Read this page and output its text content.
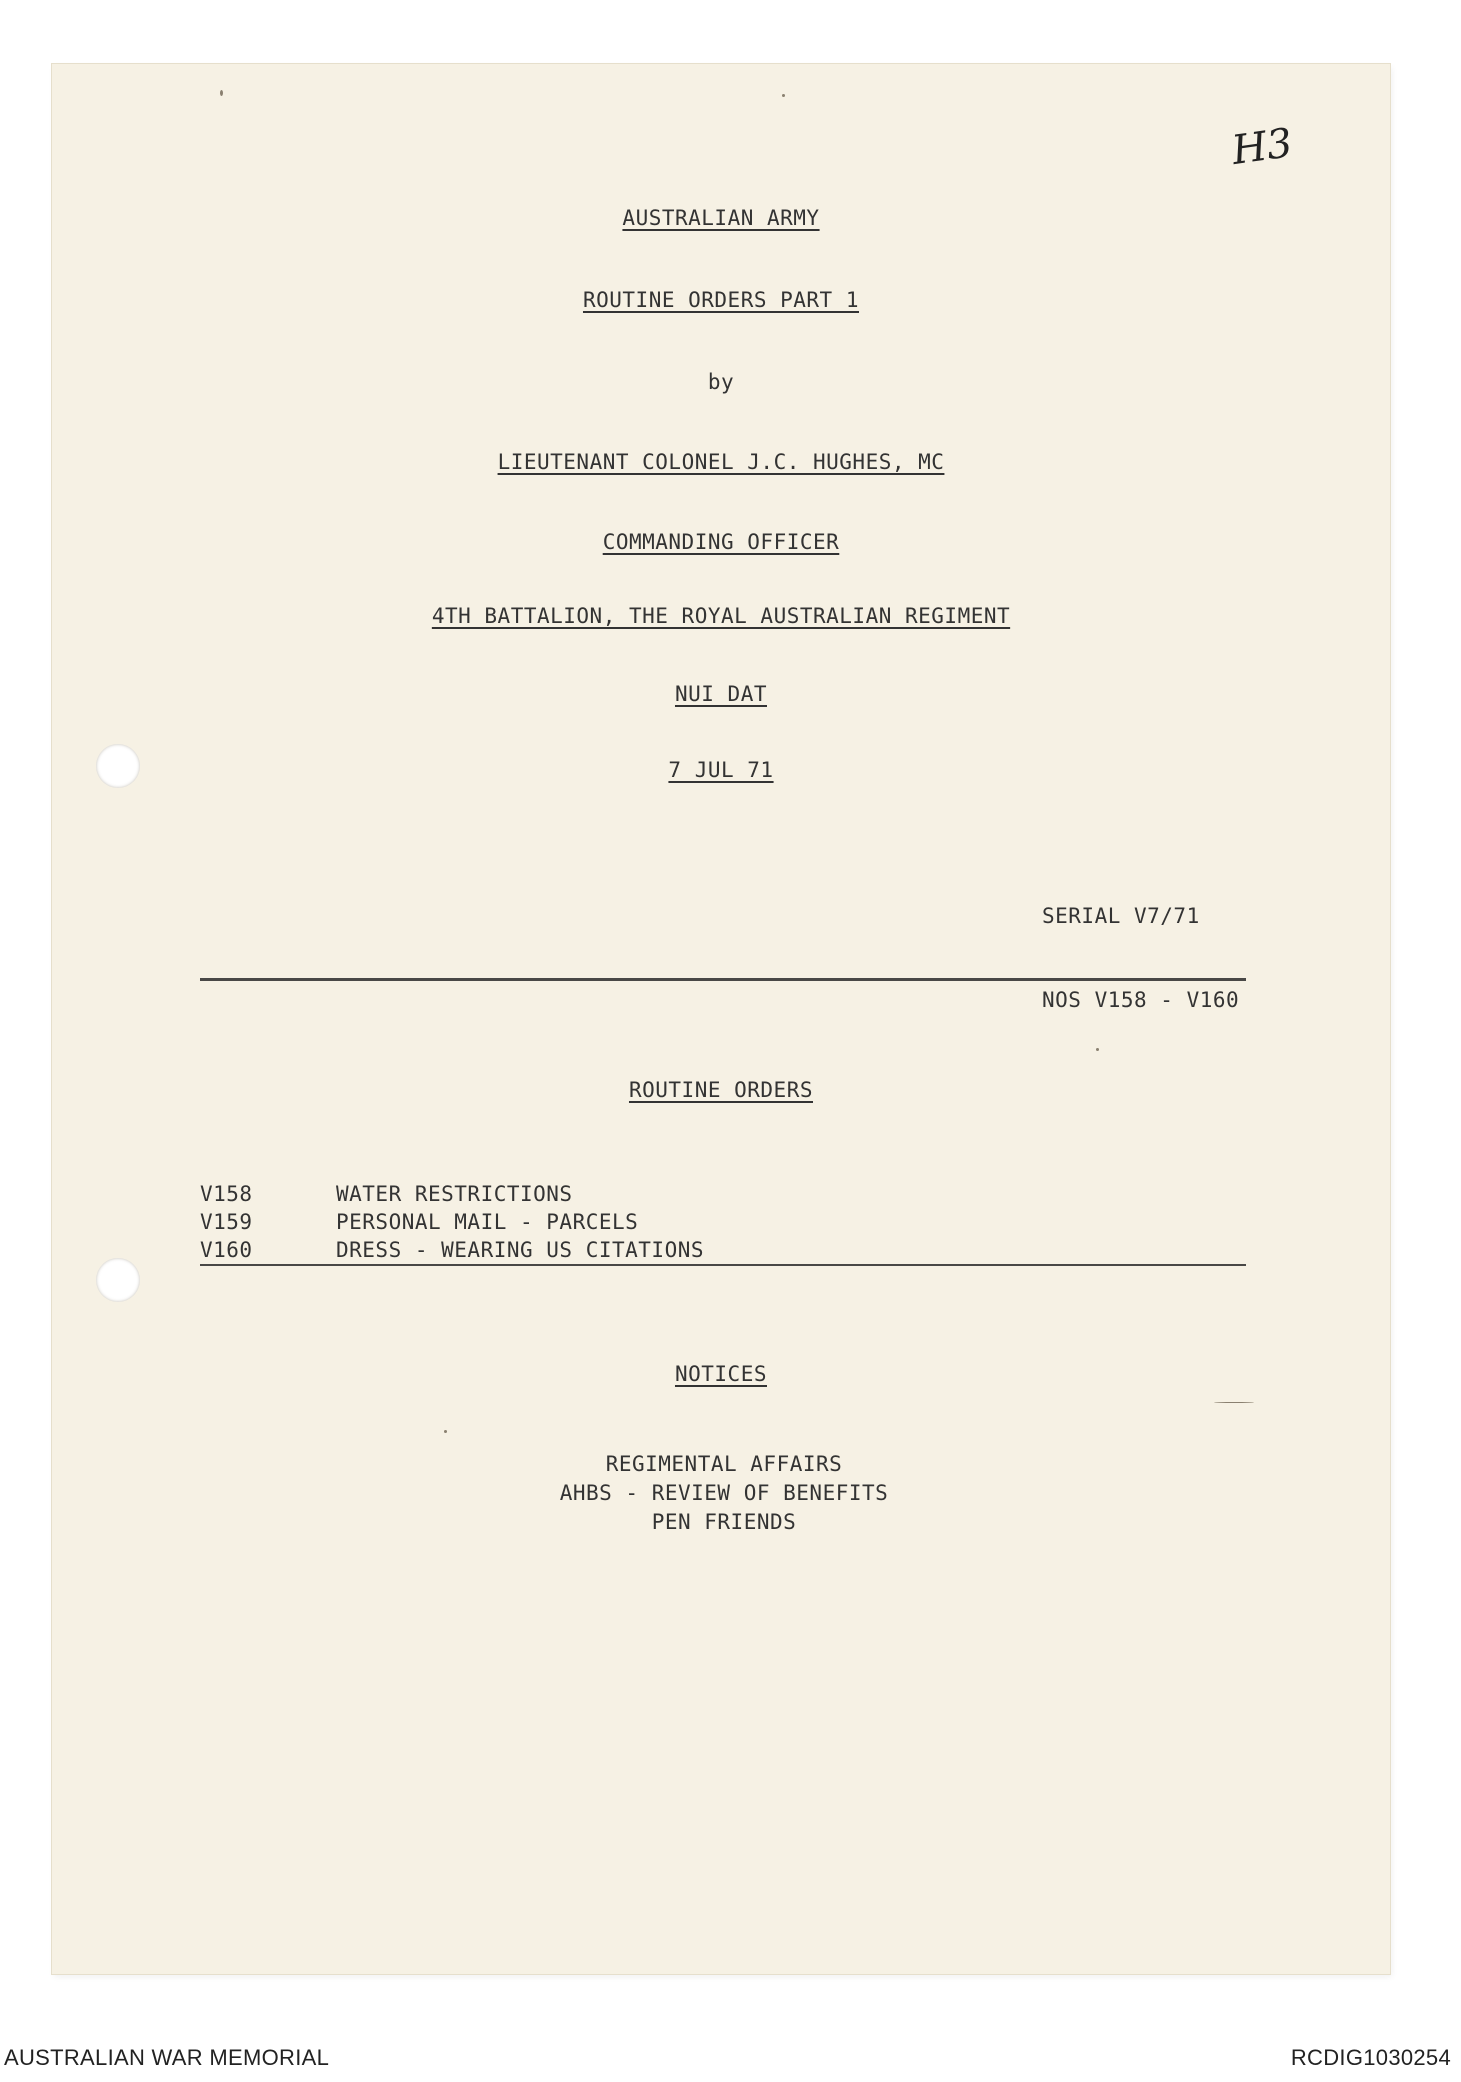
H3
AUSTRALIAN ARMY
ROUTINE ORDERS PART 1
by
LIEUTENANT COLONEL J.C. HUGHES, MC
COMMANDING OFFICER
4TH BATTALION, THE ROYAL AUSTRALIAN REGIMENT
NUI DAT
7 JUL 71

SERIAL V7/71

NOS V158 - V160

ROUTINE ORDERS
V158	WATER RESTRICTIONS
V159	PERSONAL MAIL - PARCELS
V160	DRESS - WEARING US CITATIONS
NOTICES
REGIMENTAL AFFAIRS
AHBS - REVIEW OF BENEFITS
PEN FRIENDS
AUSTRALIAN WAR MEMORIAL	RCDIG1030254
